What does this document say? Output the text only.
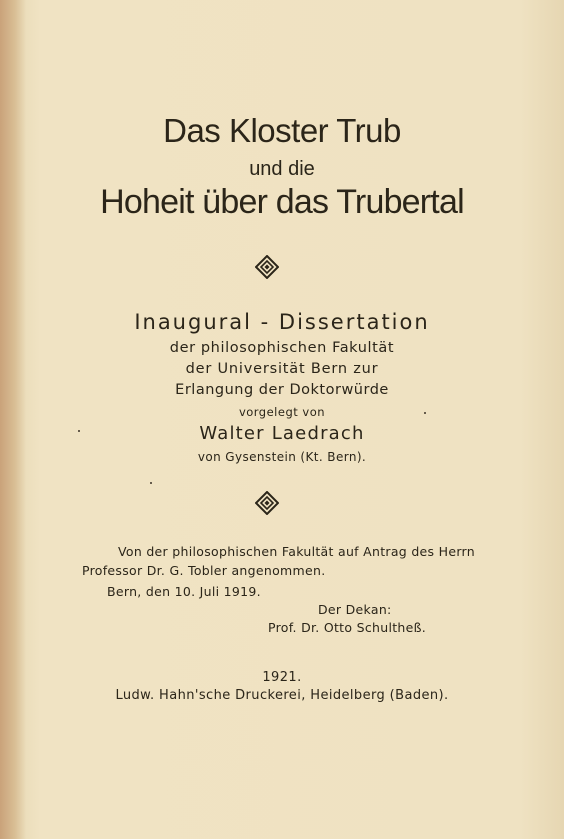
Das Kloster Trub
und die
Hoheit über das Trubertal
Inaugural - Dissertation
der philosophischen Fakultät
der Universität Bern zur
Erlangung der Doktorwürde
vorgelegt von
Walter Laedrach
von Gysenstein (Kt. Bern).
Von der philosophischen Fakultät auf Antrag des Herrn
Professor Dr. G. Tobler angenommen.
Bern, den 10. Juli 1919.
Der Dekan:
Prof. Dr. Otto Schultheß.
1921.
Ludw. Hahn'sche Druckerei, Heidelberg (Baden).
